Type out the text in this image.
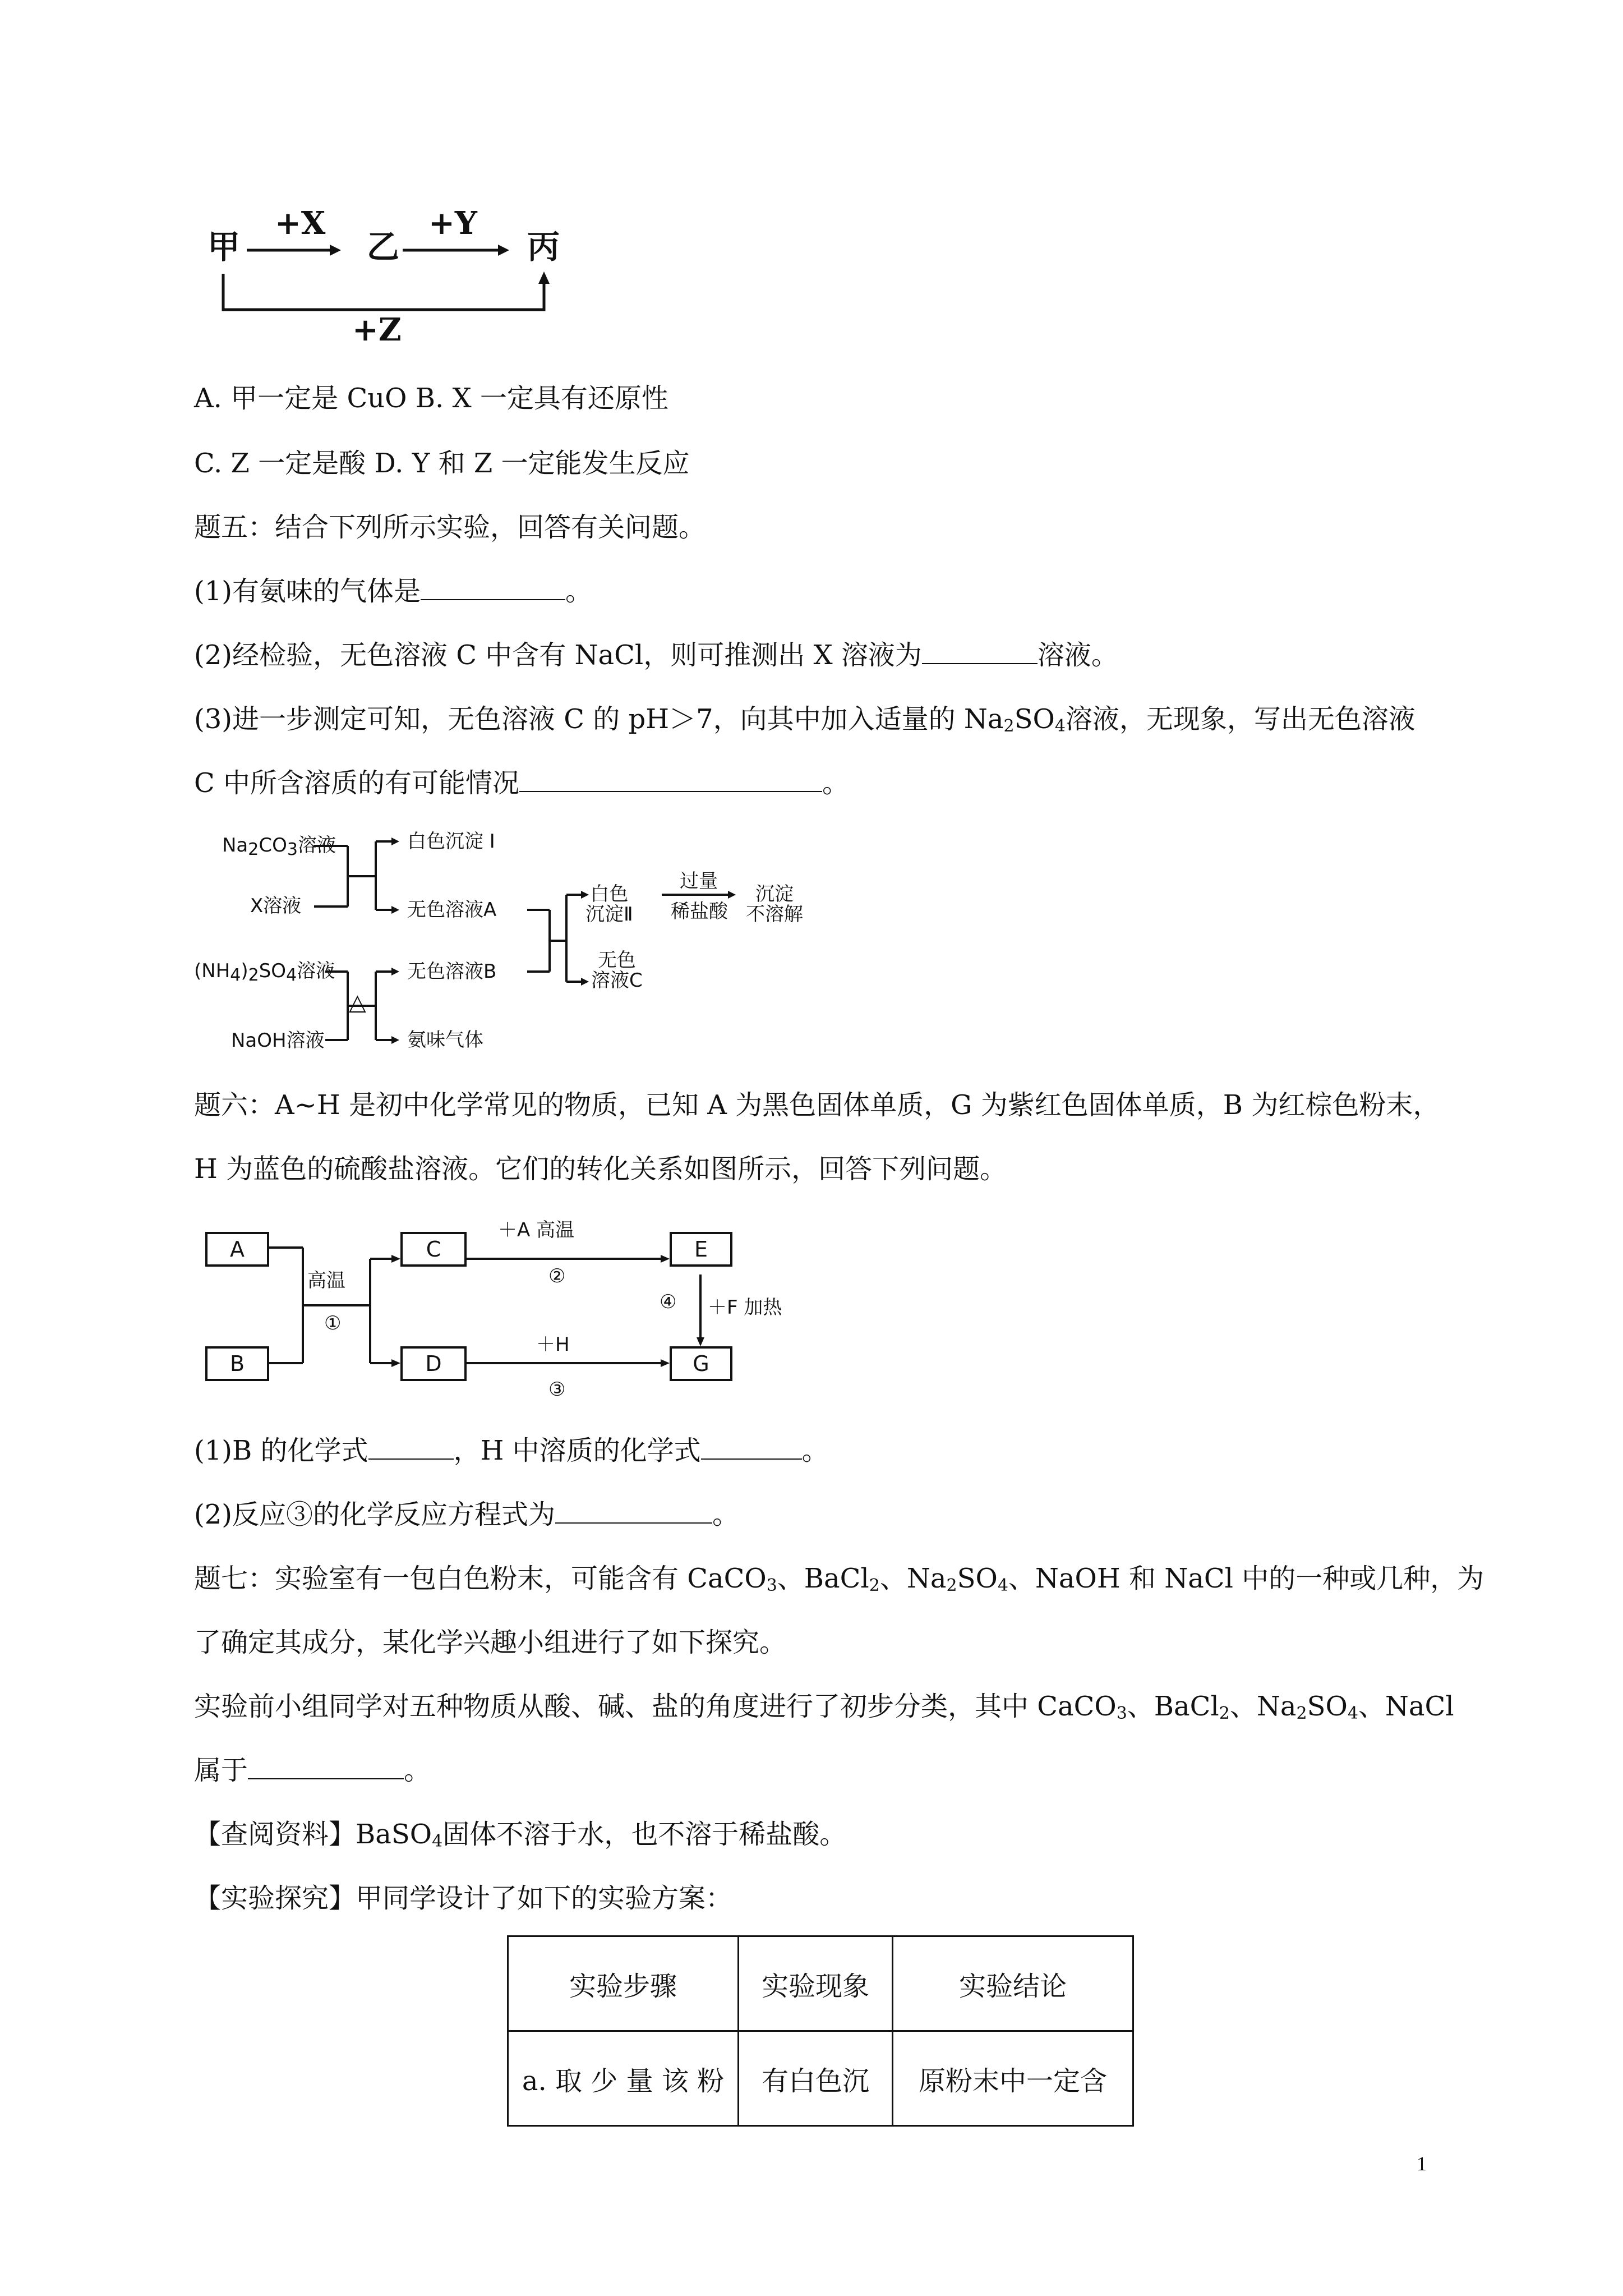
甲	乙	丙
+X	+Y
+Z
A. 甲一定是 CuO B. X 一定具有还原性
C. Z 一定是酸 D. Y 和 Z 一定能发生反应
题五：结合下列所示实验，回答有关问题。
(1)有氨味的气体是	。
(2)经检验，无色溶液 C 中含有 NaCl，则可推测出 X 溶液为	溶液。
(3)进一步测定可知，无色溶液 C 的 pH＞7，向其中加入适量的 $Na_2SO_4$溶液，无现象，写出无色溶液
C 中所含溶质的有可能情况	。
$Na_2CO_3$溶液
X溶液
白色沉淀 I
无色溶液A
$(NH_4)_2SO_4$溶液
NaOH溶液
△
无色溶液B
氨味气体
白色
沉淀Ⅱ
过量
稀盐酸
沉淀
不溶解
无色
溶液C
题六：A~H 是初中化学常见的物质，已知 A 为黑色固体单质，G 为紫红色固体单质，B 为红棕色粉末，
H 为蓝色的硫酸盐溶液。它们的转化关系如图所示，回答下列问题。
A
B
C
D
E
G
高温
①
＋A 高温
②
④ ＋F 加热
＋H
③
(1)B 的化学式	，H 中溶质的化学式	。
(2)反应③的化学反应方程式为	。
题七：实验室有一包白色粉末，可能含有 CaCO$_3$、BaCl$_2$、$Na_2SO_4$、NaOH 和 NaCl 中的一种或几种，为
了确定其成分，某化学兴趣小组进行了如下探究。
实验前小组同学对五种物质从酸、碱、盐的角度进行了初步分类，其中 CaCO$_3$、BaCl$_2$、$Na_2SO_4$、NaCl
属于	。
【查阅资料】BaSO$_4$固体不溶于水，也不溶于稀盐酸。
【实验探究】甲同学设计了如下的实验方案：
实验步骤	实验现象	实验结论
a. 取 少 量 该 粉	有白色沉	原粉末中一定含
1
